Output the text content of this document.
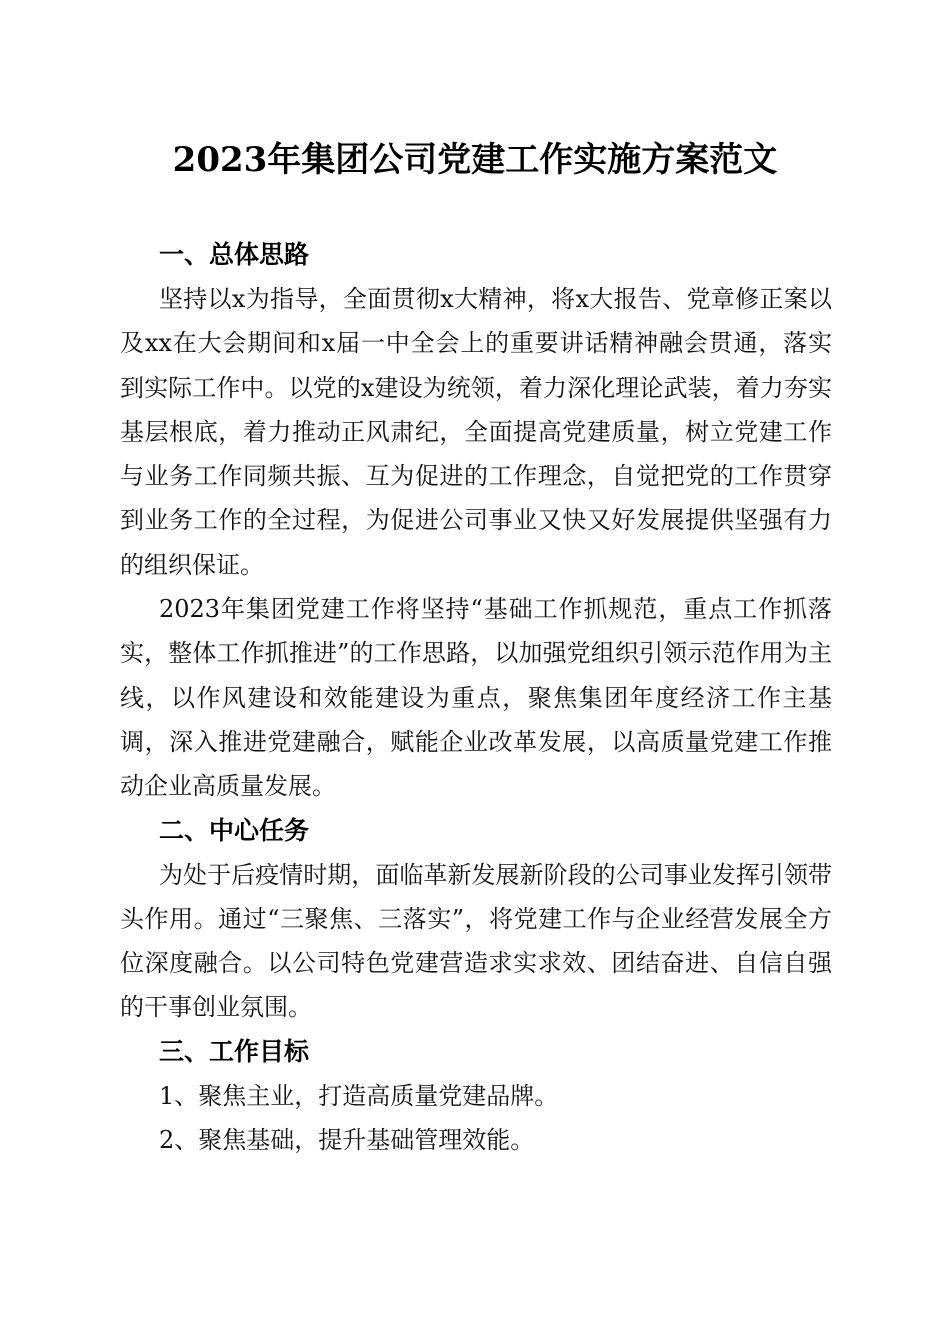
2023年集团公司党建工作实施方案范文
一、总体思路

坚持以x为指导，全面贯彻x大精神，将x大报告、党章修正案以及xx在大会期间和x届一中全会上的重要讲话精神融会贯通，落实到实际工作中。以党的x建设为统领，着力深化理论武装，着力夯实基层根底，着力推动正风肃纪，全面提高党建质量，树立党建工作与业务工作同频共振、互为促进的工作理念，自觉把党的工作贯穿到业务工作的全过程，为促进公司事业又快又好发展提供坚强有力的组织保证。

2023年集团党建工作将坚持“基础工作抓规范，重点工作抓落实，整体工作抓推进”的工作思路，以加强党组织引领示范作用为主线，以作风建设和效能建设为重点，聚焦集团年度经济工作主基调，深入推进党建融合，赋能企业改革发展，以高质量党建工作推动企业高质量发展。

二、中心任务

为处于后疫情时期，面临革新发展新阶段的公司事业发挥引领带头作用。通过“三聚焦、三落实”，将党建工作与企业经营发展全方位深度融合。以公司特色党建营造求实求效、团结奋进、自信自强的干事创业氛围。

三、工作目标

1、聚焦主业，打造高质量党建品牌。

2、聚焦基础，提升基础管理效能。
